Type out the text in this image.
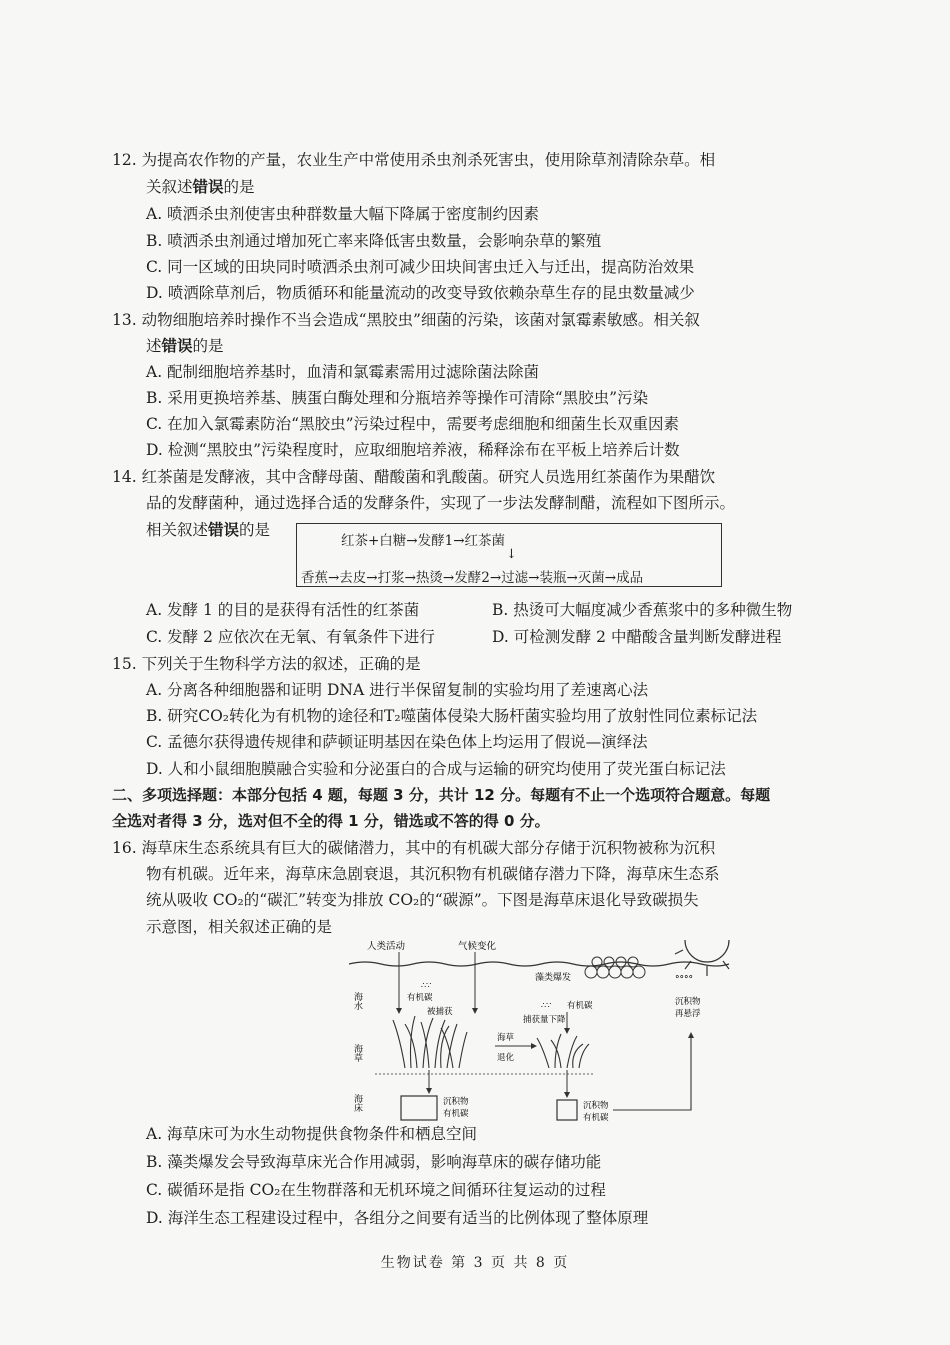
12. 为提高农作物的产量，农业生产中常使用杀虫剂杀死害虫，使用除草剂清除杂草。相
关叙述错误的是
A. 喷洒杀虫剂使害虫种群数量大幅下降属于密度制约因素
B. 喷洒杀虫剂通过增加死亡率来降低害虫数量，会影响杂草的繁殖
C. 同一区域的田块同时喷洒杀虫剂可减少田块间害虫迁入与迁出，提高防治效果
D. 喷洒除草剂后，物质循环和能量流动的改变导致依赖杂草生存的昆虫数量减少
13. 动物细胞培养时操作不当会造成“黑胶虫”细菌的污染，该菌对氯霉素敏感。相关叙
述错误的是
A. 配制细胞培养基时，血清和氯霉素需用过滤除菌法除菌
B. 采用更换培养基、胰蛋白酶处理和分瓶培养等操作可清除“黑胶虫”污染
C. 在加入氯霉素防治“黑胶虫”污染过程中，需要考虑细胞和细菌生长双重因素
D. 检测“黑胶虫”污染程度时，应取细胞培养液，稀释涂布在平板上培养后计数
14. 红茶菌是发酵液，其中含酵母菌、醋酸菌和乳酸菌。研究人员选用红茶菌作为果醋饮
品的发酵菌种，通过选择合适的发酵条件，实现了一步法发酵制醋，流程如下图所示。
相关叙述错误的是
红茶+白糖→发酵1→红茶菌
↓
香蕉→去皮→打浆→热烫→发酵2→过滤→装瓶→灭菌→成品
A. 发酵 1 的目的是获得有活性的红茶菌	B. 热烫可大幅度减少香蕉浆中的多种微生物
C. 发酵 2 应依次在无氧、有氧条件下进行	D. 可检测发酵 2 中醋酸含量判断发酵进程
15. 下列关于生物科学方法的叙述，正确的是
A. 分离各种细胞器和证明 DNA 进行半保留复制的实验均用了差速离心法
B. 研究CO₂转化为有机物的途径和T₂噬菌体侵染大肠杆菌实验均用了放射性同位素标记法
C. 孟德尔获得遗传规律和萨顿证明基因在染色体上均运用了假说—演绎法
D. 人和小鼠细胞膜融合实验和分泌蛋白的合成与运输的研究均使用了荧光蛋白标记法
二、多项选择题：本部分包括 4 题，每题 3 分，共计 12 分。每题有不止一个选项符合题意。每题
全选对者得 3 分，选对但不全的得 1 分，错选或不答的得 0 分。
16. 海草床生态系统具有巨大的碳储潜力，其中的有机碳大部分存储于沉积物被称为沉积
物有机碳。近年来，海草床急剧衰退，其沉积物有机碳储存潜力下降，海草床生态系
统从吸收 CO₂的“碳汇”转变为排放 CO₂的“碳源”。下图是海草床退化导致碳损失
示意图，相关叙述正确的是
人类活动	气候变化
藻类爆发
海水
海草
海床
∴∵
有机碳
被捕获
沉积物
有机碳
海草
退化
∴∵ 有机碳
捕获量下降
沉积物
有机碳
°°°°
沉积物
再悬浮
A. 海草床可为水生动物提供食物条件和栖息空间
B. 藻类爆发会导致海草床光合作用减弱，影响海草床的碳存储功能
C. 碳循环是指 CO₂在生物群落和无机环境之间循环往复运动的过程
D. 海洋生态工程建设过程中，各组分之间要有适当的比例体现了整体原理
生物试卷 第 3 页 共 8 页
